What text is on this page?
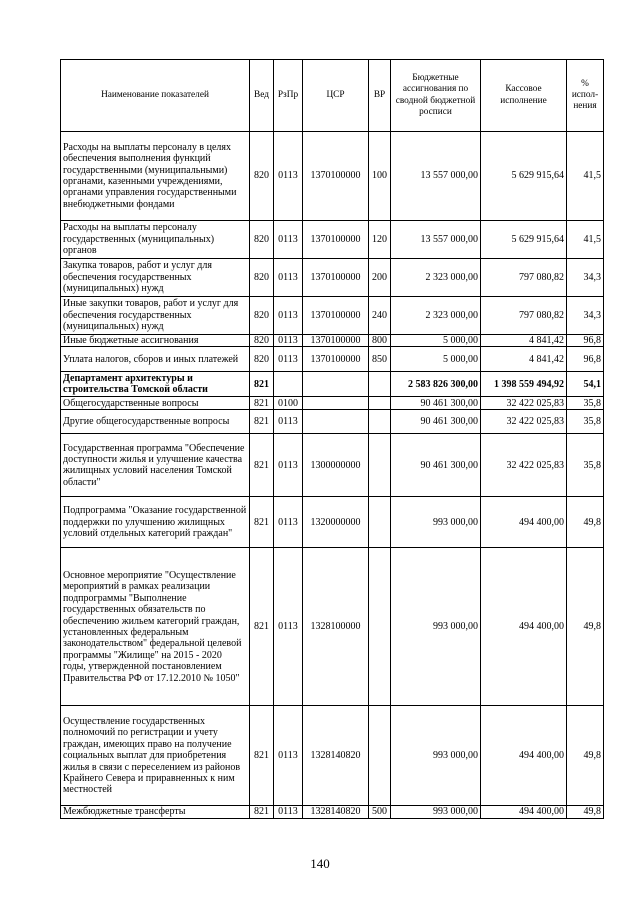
Наименование показателей	Вед	РзПр	ЦСР	ВР	Бюджетные ассигнования по сводной бюджетной росписи	Кассовое исполнение	% испол-нения
Расходы на выплаты персоналу в целях обеспечения выполнения функций государственными (муниципальными) органами, казенными учреждениями, органами управления государственными внебюджетными фондами	820	0113	1370100000	100	13 557 000,00	5 629 915,64	41,5
Расходы на выплаты персоналу государственных (муниципальных) органов	820	0113	1370100000	120	13 557 000,00	5 629 915,64	41,5
Закупка товаров, работ и услуг для обеспечения государственных (муниципальных) нужд	820	0113	1370100000	200	2 323 000,00	797 080,82	34,3
Иные закупки товаров, работ и услуг для обеспечения государственных (муниципальных) нужд	820	0113	1370100000	240	2 323 000,00	797 080,82	34,3
Иные бюджетные ассигнования	820	0113	1370100000	800	5 000,00	4 841,42	96,8
Уплата налогов, сборов и иных платежей	820	0113	1370100000	850	5 000,00	4 841,42	96,8
Департамент архитектуры и строительства Томской области	821				2 583 826 300,00	1 398 559 494,92	54,1
Общегосударственные вопросы	821	0100			90 461 300,00	32 422 025,83	35,8
Другие общегосударственные вопросы	821	0113			90 461 300,00	32 422 025,83	35,8
Государственная программа "Обеспечение доступности жилья и улучшение качества жилищных условий населения Томской области"	821	0113	1300000000		90 461 300,00	32 422 025,83	35,8
Подпрограмма "Оказание государственной поддержки по улучшению жилищных условий отдельных категорий граждан"	821	0113	1320000000		993 000,00	494 400,00	49,8
Основное мероприятие "Осуществление мероприятий в рамках реализации подпрограммы "Выполнение государственных обязательств по обеспечению жильем категорий граждан, установленных федеральным законодательством" федеральной целевой программы "Жилище" на 2015 - 2020 годы, утвержденной постановлением Правительства РФ от 17.12.2010 № 1050"	821	0113	1328100000		993 000,00	494 400,00	49,8
Осуществление государственных полномочий по регистрации и учету граждан, имеющих право на получение социальных выплат для приобретения жилья в связи с переселением из районов Крайнего Севера и приравненных к ним местностей	821	0113	1328140820		993 000,00	494 400,00	49,8
Межбюджетные трансферты	821	0113	1328140820	500	993 000,00	494 400,00	49,8
140
